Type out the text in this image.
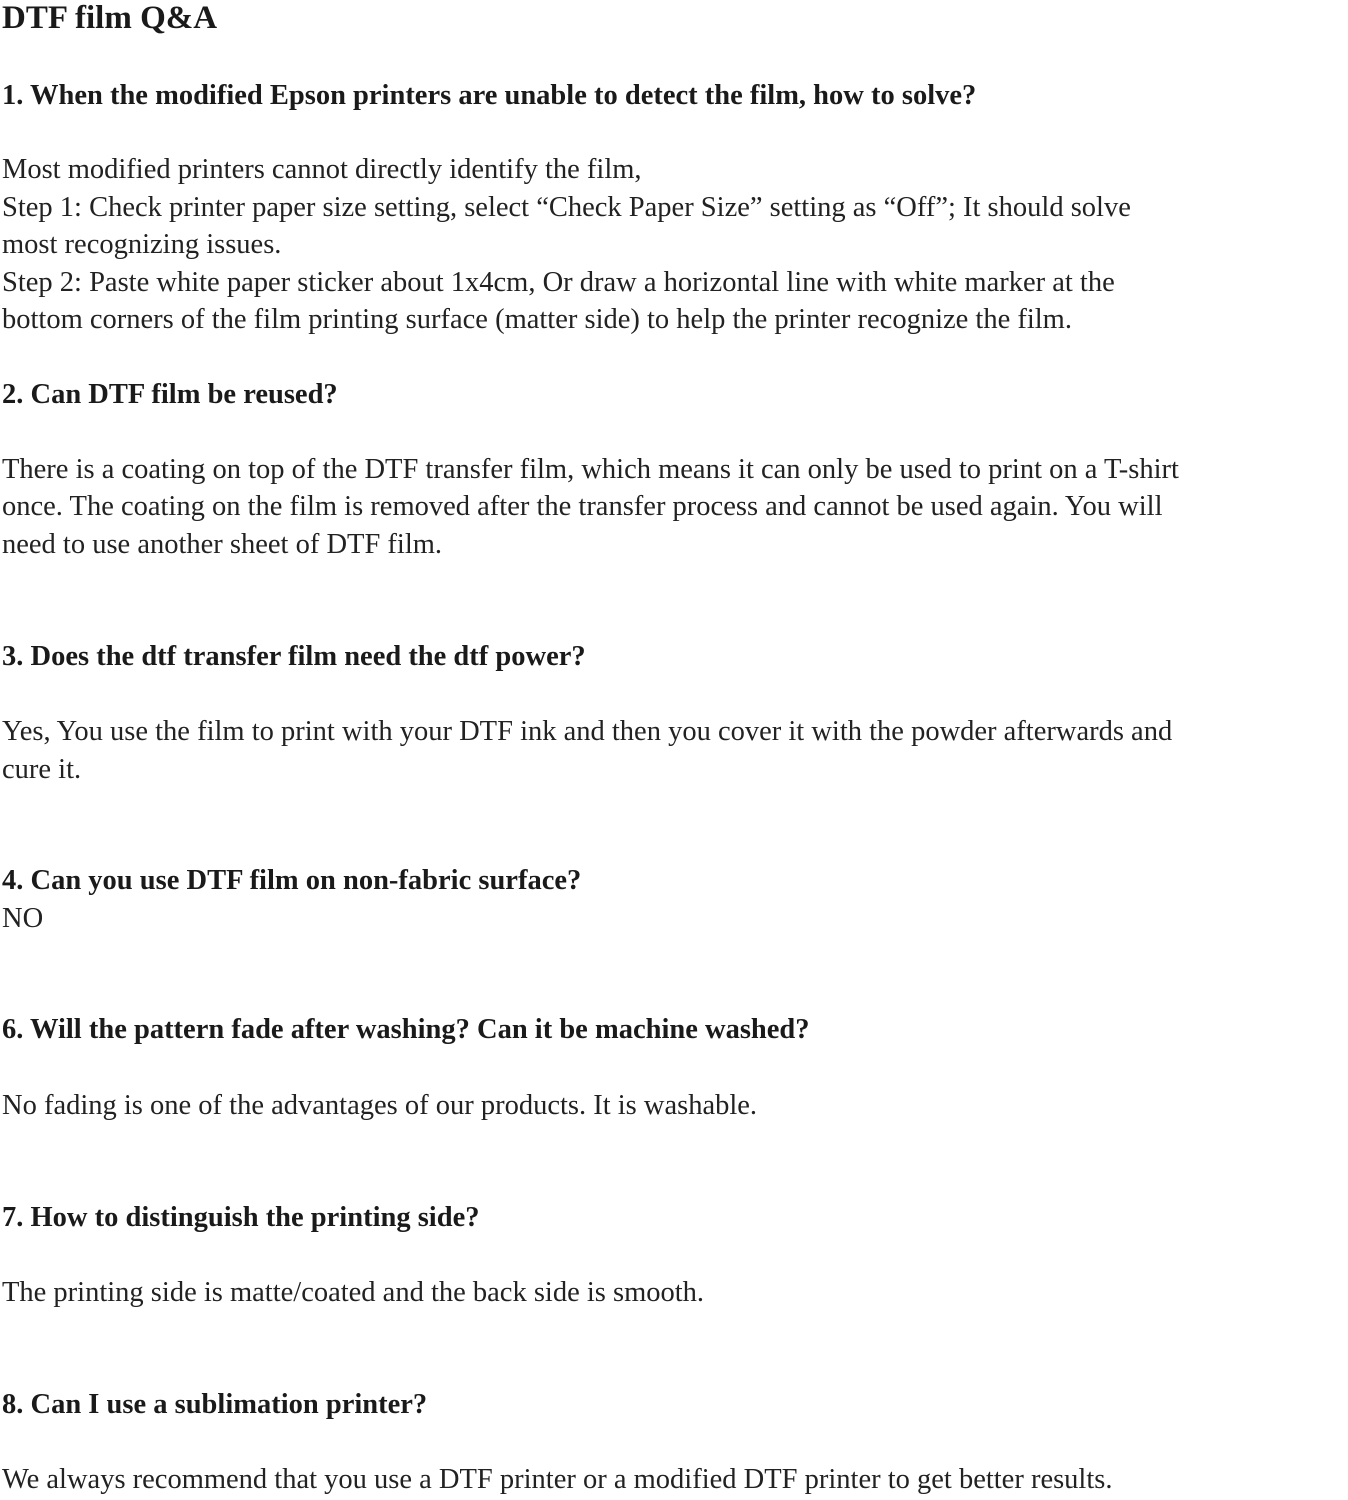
DTF film Q&A
1. When the modified Epson printers are unable to detect the film, how to solve?
Most modified printers cannot directly identify the film,
Step 1: Check printer paper size setting, select “Check Paper Size” setting as “Off”; It should solve
most recognizing issues.
Step 2: Paste white paper sticker about 1x4cm, Or draw a horizontal line with white marker at the
bottom corners of the film printing surface (matter side) to help the printer recognize the film.
2. Can DTF film be reused?
There is a coating on top of the DTF transfer film, which means it can only be used to print on a T-shirt
once. The coating on the film is removed after the transfer process and cannot be used again. You will
need to use another sheet of DTF film.
3. Does the dtf transfer film need the dtf power?
Yes, You use the film to print with your DTF ink and then you cover it with the powder afterwards and
cure it.
4. Can you use DTF film on non-fabric surface?
NO
6. Will the pattern fade after washing? Can it be machine washed?
No fading is one of the advantages of our products. It is washable.
7. How to distinguish the printing side?
The printing side is matte/coated and the back side is smooth.
8. Can I use a sublimation printer?
We always recommend that you use a DTF printer or a modified DTF printer to get better results.
